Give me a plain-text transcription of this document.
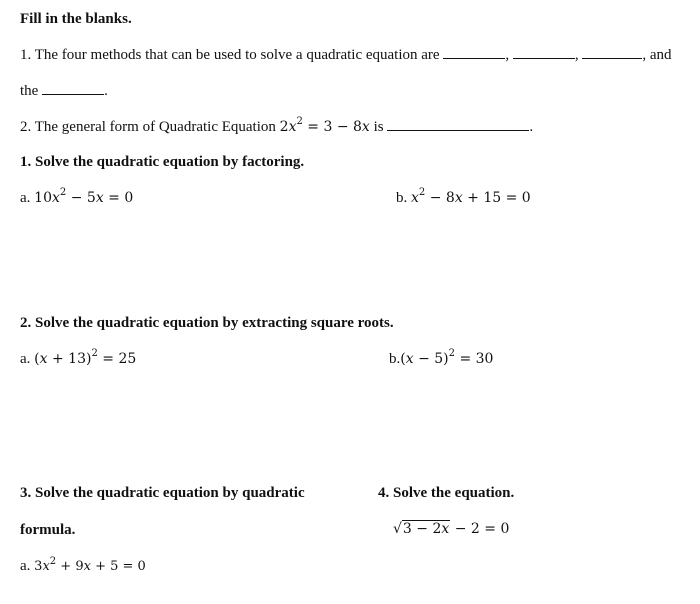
Fill in the blanks.
1. The four methods that can be used to solve a quadratic equation are	,	,	, and
the	.
2. The general form of Quadratic Equation $2x^2 = 3 - 8x$ is	.
1. Solve the quadratic equation by factoring.
a. $10x^2 - 5x = 0$	b. $x^2 - 8x + 15 = 0$
2. Solve the quadratic equation by extracting square roots.
a. $(x + 13)^2 = 25$	$b.(x - 5)^2 = 30$
3. Solve the quadratic equation by quadratic
formula.
a. $3x^2 + 9x + 5 = 0$
4. Solve the equation.
√3 − 2x − 2 = 0
